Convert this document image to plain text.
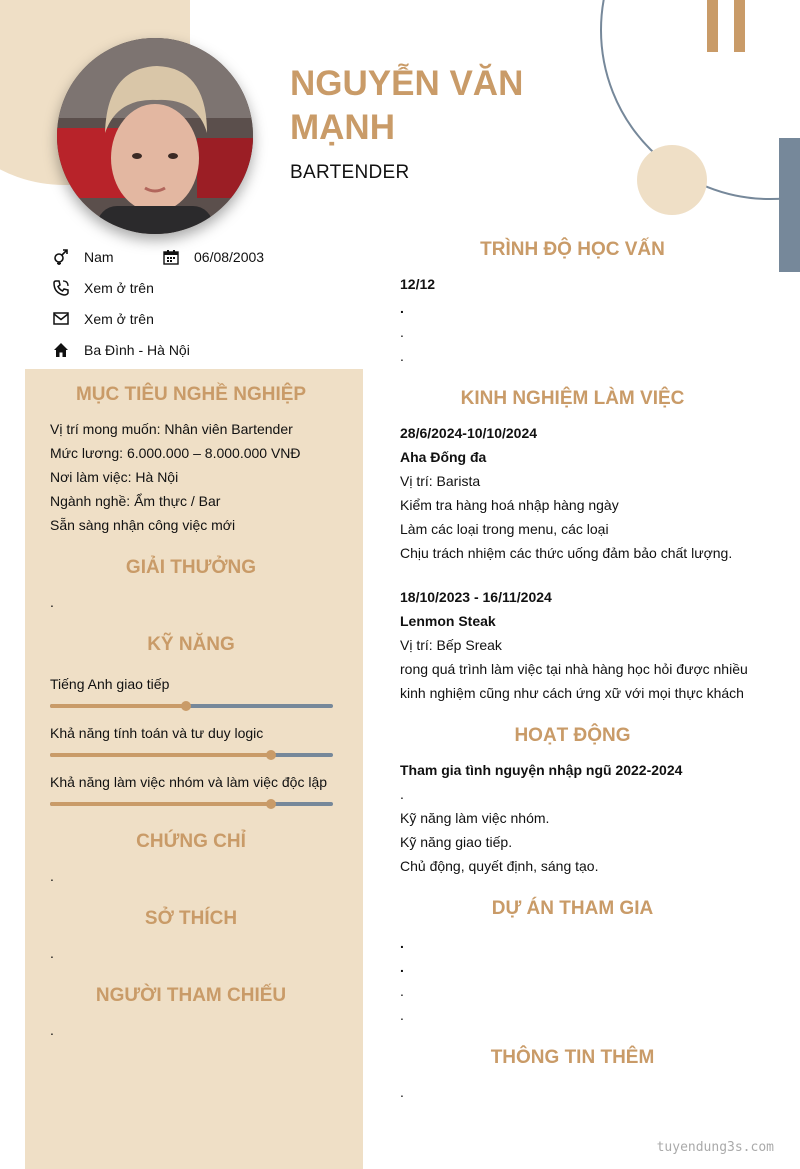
NGUYỄN VĂN MẠNH
BARTENDER
Nam	06/08/2003
Xem ở trên
Xem ở trên
Ba Đình - Hà Nội
MỤC TIÊU NGHỀ NGHIỆP
Vị trí mong muốn: Nhân viên Bartender
Mức lương: 6.000.000 – 8.000.000 VNĐ
Nơi làm việc: Hà Nội
Ngành nghề: Ẩm thực / Bar
Sẵn sàng nhận công việc mới
GIẢI THƯỞNG
.
KỸ NĂNG
Tiếng Anh giao tiếp
Khả năng tính toán và tư duy logic
Khả năng làm việc nhóm và làm việc độc lập
CHỨNG CHỈ
.
SỞ THÍCH
.
NGƯỜI THAM CHIẾU
.
TRÌNH ĐỘ HỌC VẤN
12/12
.
.
.
KINH NGHIỆM LÀM VIỆC
28/6/2024-10/10/2024
Aha Đống đa
Vị trí: Barista
Kiểm tra hàng hoá nhập hàng ngày
Làm các loại trong menu, các loại
Chịu trách nhiệm các thức uống đảm bảo chất lượng.
18/10/2023 - 16/11/2024
Lenmon Steak
Vị trí: Bếp Sreak
rong quá trình làm việc tại nhà hàng học hỏi được nhiều
kinh nghiệm cũng như cách ứng xữ với mọi thực khách
HOẠT ĐỘNG
Tham gia tình nguyện nhập ngũ 2022-2024
.
Kỹ năng làm việc nhóm.
Kỹ năng giao tiếp.
Chủ động, quyết định, sáng tạo.
DỰ ÁN THAM GIA
.
.
.
.
THÔNG TIN THÊM
.
tuyendung3s.com
